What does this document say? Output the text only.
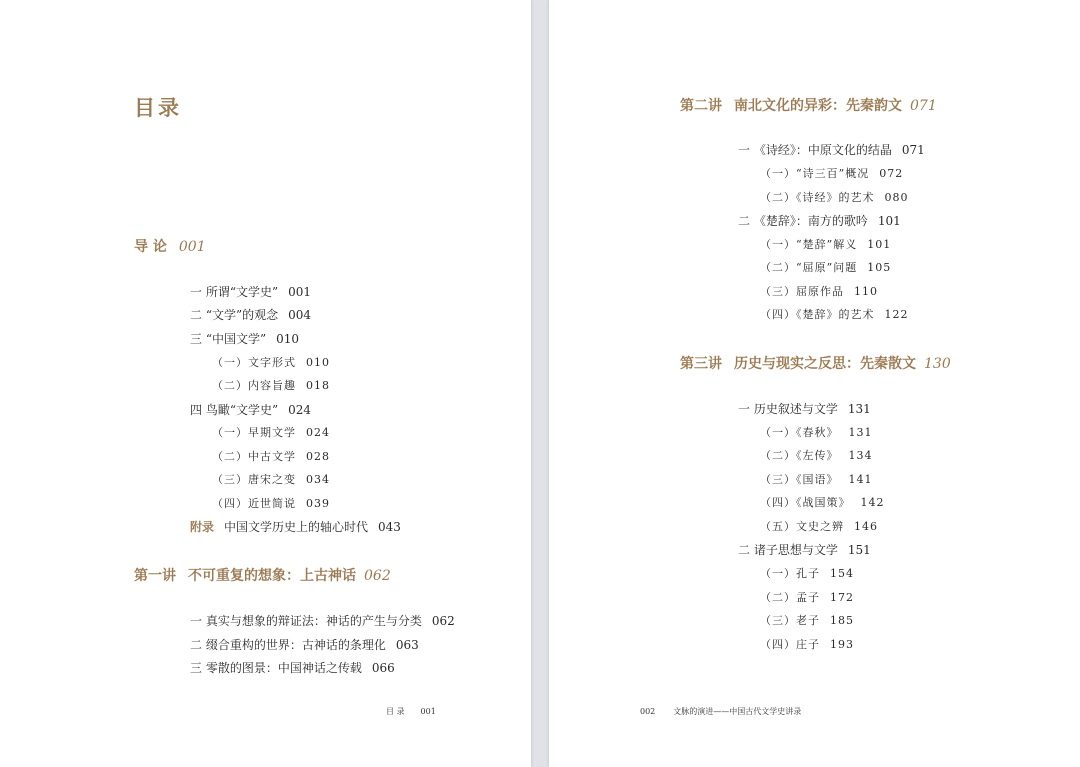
目录
导 论 001
一 所谓“文学史” 001
二 “文学”的观念 004
三 “中国文学” 010
（一）文字形式 010
（二）内容旨趣 018
四 鸟瞰“文学史” 024
（一）早期文学 024
（二）中古文学 028
（三）唐宋之变 034
（四）近世简说 039
附录 中国文学历史上的轴心时代 043
第一讲 不可重复的想象：上古神话 062
一 真实与想象的辩证法：神话的产生与分类 062
二 缀合重构的世界：古神话的条理化 063
三 零散的图景：中国神话之传载 066
目 录 001
第二讲 南北文化的异彩：先秦韵文 071
一 《诗经》：中原文化的结晶 071
（一）“诗三百”概况 072
（二）《诗经》的艺术 080
二 《楚辞》：南方的歌吟 101
（一）“楚辞”解义 101
（二）“屈原”问题 105
（三）屈原作品 110
（四）《楚辞》的艺术 122
第三讲 历史与现实之反思：先秦散文 130
一 历史叙述与文学 131
（一）《春秋》 131
（二）《左传》 134
（三）《国语》 141
（四）《战国策》 142
（五）文史之辨 146
二 诸子思想与文学 151
（一）孔子 154
（二）孟子 172
（三）老子 185
（四）庄子 193
002 文脉的演进——中国古代文学史讲录
